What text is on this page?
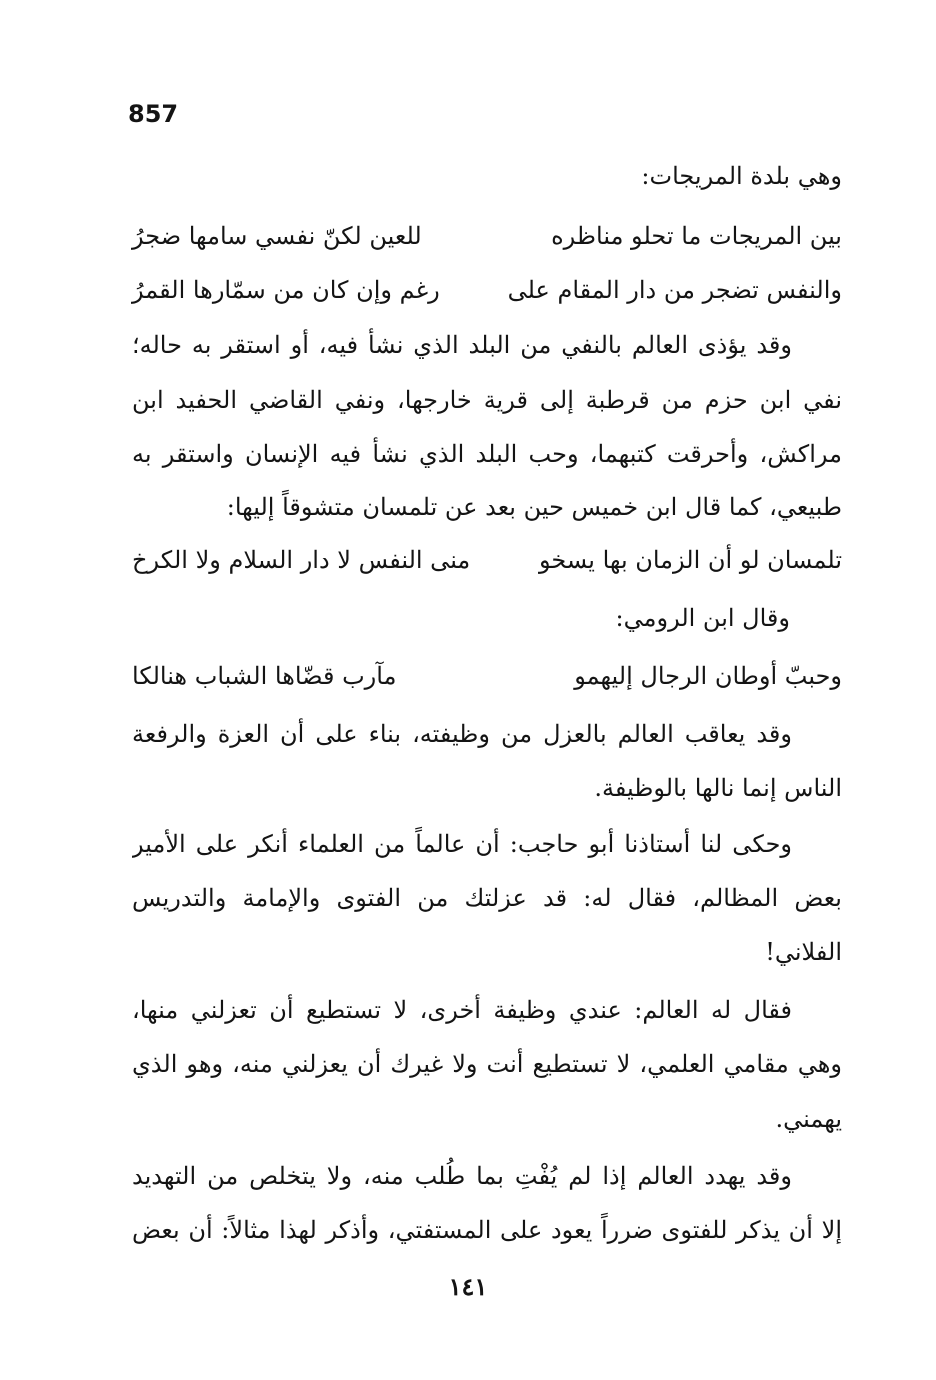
857
وهي بلدة المريجات:
بين المريجات ما تحلو مناظره
للعين لكنّ نفسي سامها ضجرُ
والنفس تضجر من دار المقام على
رغم وإن كان من سمّارها القمرُ
وقد يؤذى العالم بالنفي من البلد الذي نشأ فيه، أو استقر به حاله؛
نفي ابن حزم من قرطبة إلى قرية خارجها، ونفي القاضي الحفيد ابن
مراكش، وأحرقت كتبهما، وحب البلد الذي نشأ فيه الإنسان واستقر به
طبيعي، كما قال ابن خميس حين بعد عن تلمسان متشوقاً إليها:
تلمسان لو أن الزمان بها يسخو
منى النفس لا دار السلام ولا الكرخ
وقال ابن الرومي:
وحببّ أوطان الرجال إليهمو
مآرب قضّاها الشباب هنالكا
وقد يعاقب العالم بالعزل من وظيفته، بناء على أن العزة والرفعة
الناس إنما نالها بالوظيفة.
وحكى لنا أستاذنا أبو حاجب: أن عالماً من العلماء أنكر على الأمير
بعض المظالم، فقال له: قد عزلتك من الفتوى والإمامة والتدريس
الفلاني!
فقال له العالم: عندي وظيفة أخرى، لا تستطيع أن تعزلني منها،
وهي مقامي العلمي، لا تستطيع أنت ولا غيرك أن يعزلني منه، وهو الذي
يهمني.
وقد يهدد العالم إذا لم يُفْتِ بما طُلب منه، ولا يتخلص من التهديد
إلا أن يذكر للفتوى ضرراً يعود على المستفتي، وأذكر لهذا مثالاً: أن بعض
١٤١
